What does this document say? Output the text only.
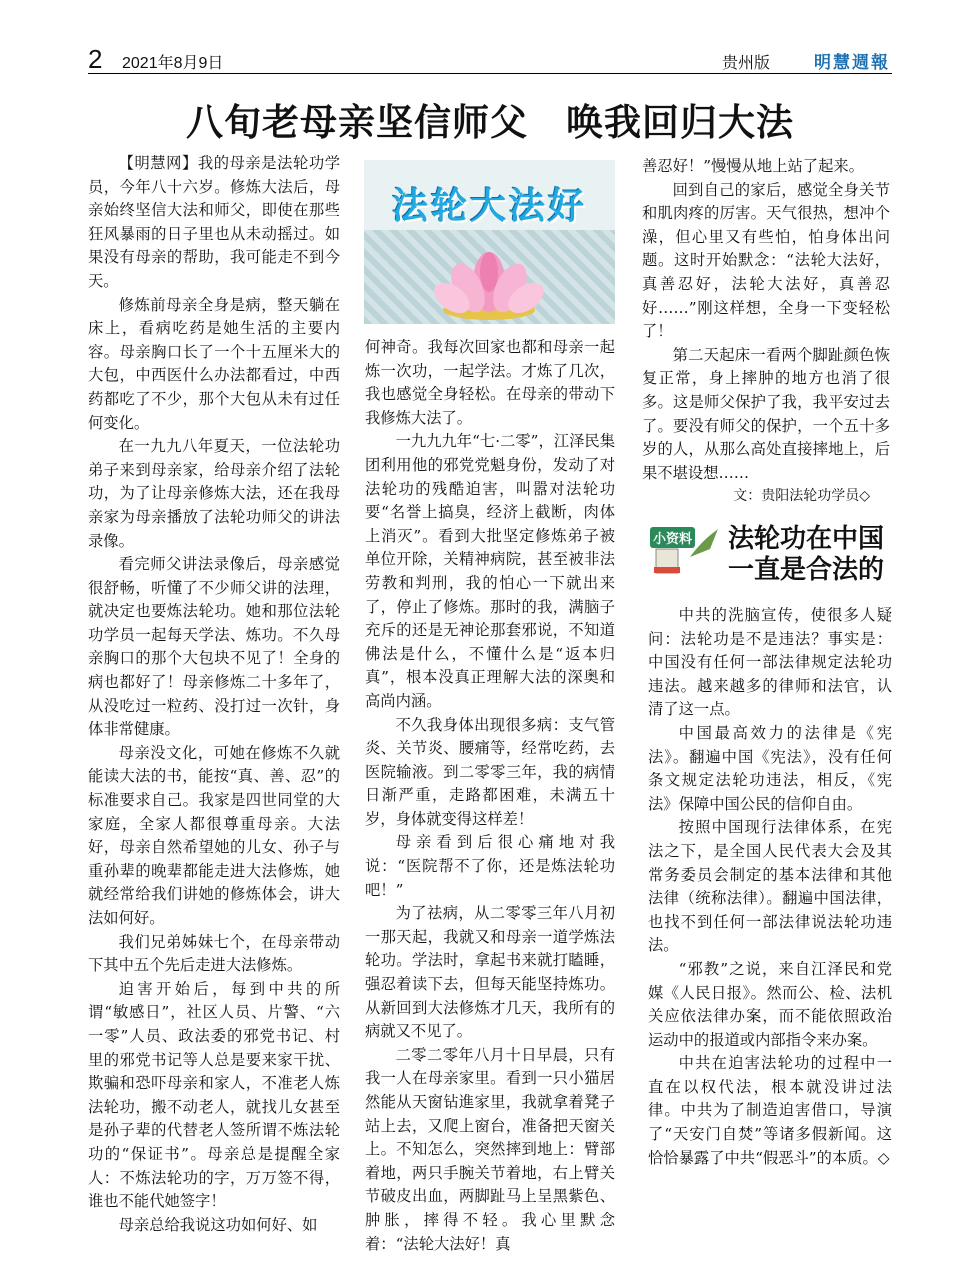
2 2021年8月9日	贵州版	明慧週報
八旬老母亲坚信师父　唤我回归大法

【明慧网】我的母亲是法轮功学员，今年八十六岁。修炼大法后，母亲始终坚信大法和师父，即使在那些狂风暴雨的日子里也从未动摇过。如果没有母亲的帮助，我可能走不到今天。

修炼前母亲全身是病，整天躺在床上，看病吃药是她生活的主要内容。母亲胸口长了一个十五厘米大的大包，中西医什么办法都看过，中西药都吃了不少，那个大包从未有过任何变化。

在一九九八年夏天，一位法轮功弟子来到母亲家，给母亲介绍了法轮功，为了让母亲修炼大法，还在我母亲家为母亲播放了法轮功师父的讲法录像。

看完师父讲法录像后，母亲感觉很舒畅，听懂了不少师父讲的法理，就决定也要炼法轮功。她和那位法轮功学员一起每天学法、炼功。不久母亲胸口的那个大包块不见了！全身的病也都好了！母亲修炼二十多年了，从没吃过一粒药、没打过一次针，身体非常健康。

母亲没文化，可她在修炼不久就能读大法的书，能按“真、善、忍”的标准要求自己。我家是四世同堂的大家庭，全家人都很尊重母亲。大法好，母亲自然希望她的儿女、孙子与重孙辈的晚辈都能走进大法修炼，她就经常给我们讲她的修炼体会，讲大法如何好。

我们兄弟姊妹七个，在母亲带动下其中五个先后走进大法修炼。

迫害开始后，每到中共的所谓“敏感日”，社区人员、片警、“六一零”人员、政法委的邪党书记、村里的邪党书记等人总是要来家干扰、欺骗和恐吓母亲和家人，不准老人炼法轮功，搬不动老人，就找儿女甚至是孙子辈的代替老人签所谓不炼法轮功的“保证书”。母亲总是提醒全家人：不炼法轮功的字，万万签不得，谁也不能代她签字！

母亲总给我说这功如何好、如

法轮大法好

何神奇。我每次回家也都和母亲一起炼一次功，一起学法。才炼了几次，我也感觉全身轻松。在母亲的带动下我修炼大法了。

一九九九年“七·二零”，江泽民集团利用他的邪党党魁身份，发动了对法轮功的残酷迫害，叫嚣对法轮功要“名誉上搞臭，经济上截断，肉体上消灭”。看到大批坚定修炼弟子被单位开除，关精神病院，甚至被非法劳教和判刑，我的怕心一下就出来了，停止了修炼。那时的我，满脑子充斥的还是无神论那套邪说，不知道佛法是什么，不懂什么是“返本归真”，根本没真正理解大法的深奥和高尚内涵。

不久我身体出现很多病：支气管炎、关节炎、腰痛等，经常吃药，去医院输液。到二零零三年，我的病情日渐严重，走路都困难，未满五十岁，身体就变得这样差！

母亲看到后很心痛地对我说：“医院帮不了你，还是炼法轮功吧！”

为了祛病，从二零零三年八月初一那天起，我就又和母亲一道学炼法轮功。学法时，拿起书来就打瞌睡，强忍着读下去，但每天能坚持炼功。从新回到大法修炼才几天，我所有的病就又不见了。

二零二零年八月十日早晨，只有我一人在母亲家里。看到一只小猫居然能从天窗钻進家里，我就拿着凳子站上去，又爬上窗台，准备把天窗关上。不知怎么，突然摔到地上：臂部着地，两只手腕关节着地，右上臂关节破皮出血，两脚趾马上呈黑紫色、肿胀，摔得不轻。我心里默念着：“法轮大法好！真

善忍好！”慢慢从地上站了起来。

回到自己的家后，感觉全身关节和肌肉疼的厉害。天气很热，想冲个澡，但心里又有些怕，怕身体出问题。这时开始默念：“法轮大法好，真善忍好，法轮大法好，真善忍好……”刚这样想，全身一下变轻松了！

第二天起床一看两个脚趾颜色恢复正常，身上摔肿的地方也消了很多。这是师父保护了我，我平安过去了。要没有师父的保护，一个五十多岁的人，从那么高处直接摔地上，后果不堪设想……

文：贵阳法轮功学员◇

小资料 法轮功在中国
一直是合法的

中共的洗脑宣传，使很多人疑问：法轮功是不是违法？事实是：中国没有任何一部法律规定法轮功违法。越来越多的律师和法官，认清了这一点。

中国最高效力的法律是《宪法》。翻遍中国《宪法》，没有任何条文规定法轮功违法，相反，《宪法》保障中国公民的信仰自由。

按照中国现行法律体系，在宪法之下，是全国人民代表大会及其常务委员会制定的基本法律和其他法律（统称法律）。翻遍中国法律，也找不到任何一部法律说法轮功违法。

“邪教”之说，来自江泽民和党媒《人民日报》。然而公、检、法机关应依法律办案，而不能依照政治运动中的报道或内部指令来办案。

中共在迫害法轮功的过程中一直在以权代法，根本就没讲过法律。中共为了制造迫害借口，导演了“天安门自焚”等诸多假新闻。这恰恰暴露了中共“假恶斗”的本质。◇
